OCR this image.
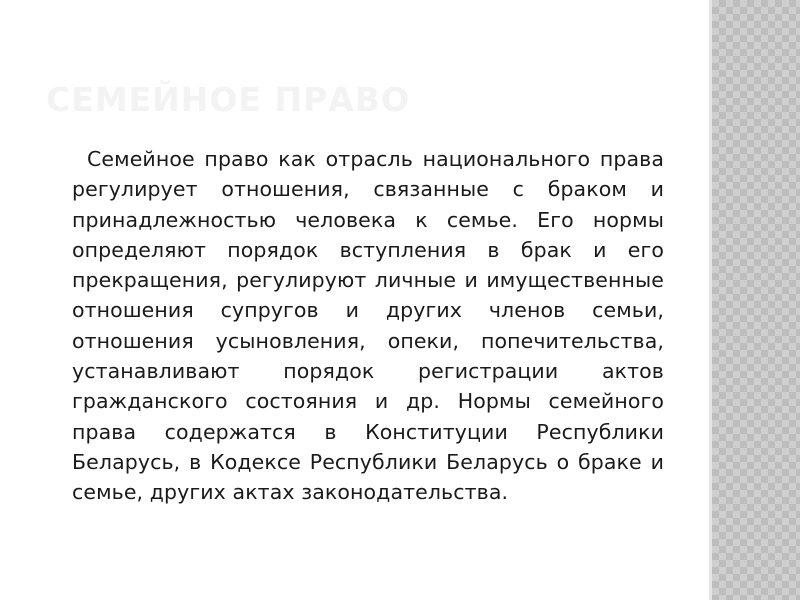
СЕМЕЙНОЕ ПРАВО

Семейное право как отрасль национального права регулирует отношения, связанные с браком и принадлежностью человека к семье. Его нормы определяют порядок вступления в брак и его прекращения, регулируют личные и имущественные отношения супругов и других членов семьи, отношения усыновления, опеки, попечительства, устанавливают порядок регистрации актов гражданского состояния и др. Нормы семейного права содержатся в Конституции Республики Беларусь, в Кодексе Республики Беларусь о браке и семье, других актах законодательства.
